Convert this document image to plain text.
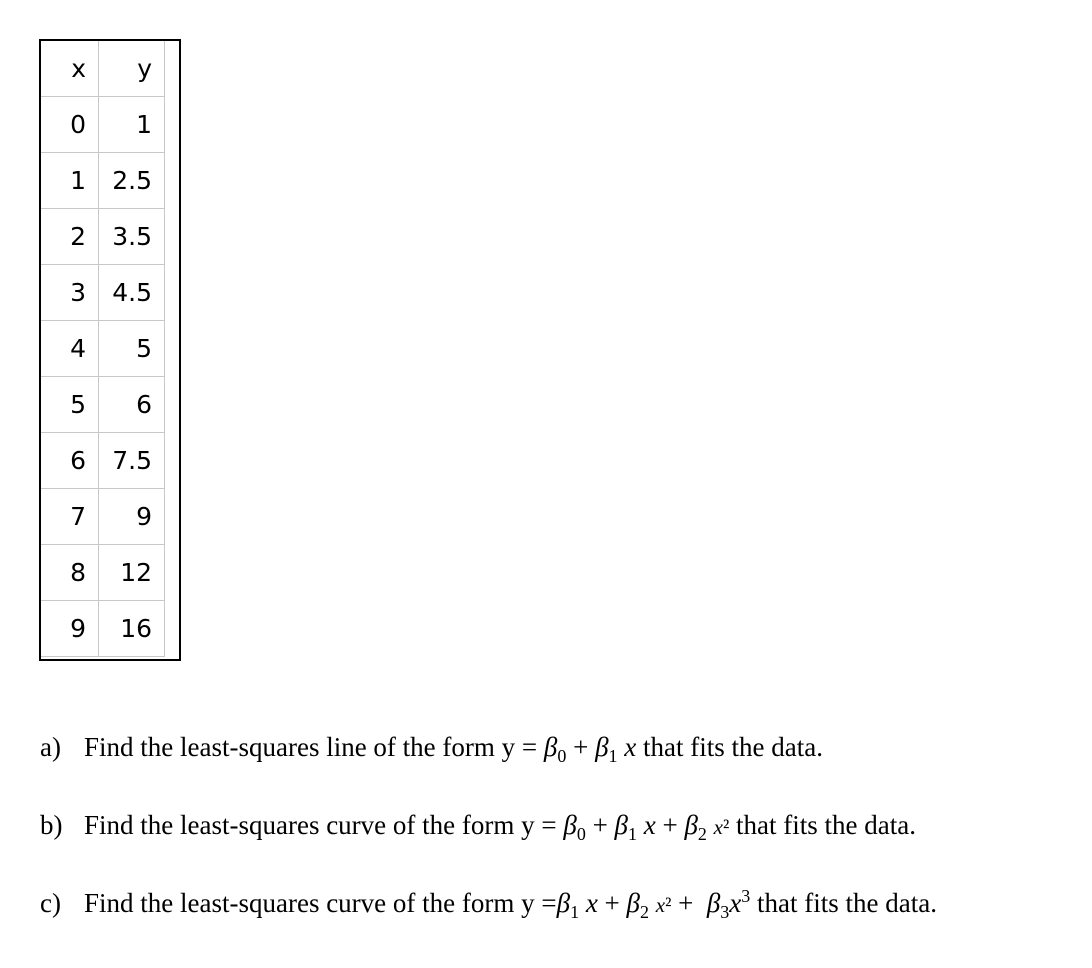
x	y
0	1
1	2.5
2	3.5
3	4.5
4	5
5	6
6	7.5
7	9
8	12
9	16
a) Find the least-squares line of the form $y = \beta_0 + \beta_1$ x that fits the data.
b) Find the least-squares curve of the form $y = \beta_0 + \beta_1$ $x + \beta_2$ x² that fits the data.
c) Find the least-squares curve of the form $y =\beta_1$ $x + \beta_2$ $x^2 + \beta_3x^3$ that fits the data.
